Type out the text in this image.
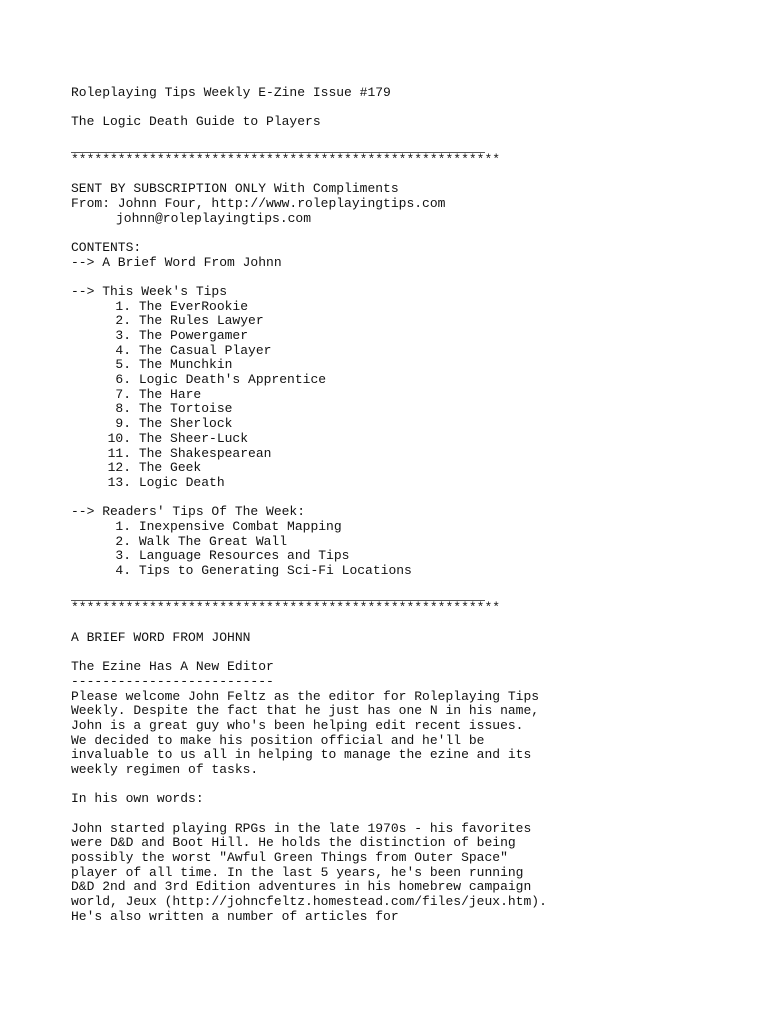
Roleplaying Tips Weekly E-Zine Issue #179
The Logic Death Guide to Players
*******************************************************
SENT BY SUBSCRIPTION ONLY With Compliments
From: Johnn Four, http://www.roleplayingtips.com
johnn@roleplayingtips.com
CONTENTS:
--> A Brief Word From Johnn
--> This Week's Tips
1. The EverRookie
2. The Rules Lawyer
3. The Powergamer
4. The Casual Player
5. The Munchkin
6. Logic Death's Apprentice
7. The Hare
8. The Tortoise
9. The Sherlock
10. The Sheer-Luck
11. The Shakespearean
12. The Geek
13. Logic Death
--> Readers' Tips Of The Week:
1. Inexpensive Combat Mapping
2. Walk The Great Wall
3. Language Resources and Tips
4. Tips to Generating Sci-Fi Locations
*******************************************************
A BRIEF WORD FROM JOHNN
The Ezine Has A New Editor
--------------------------
Please welcome John Feltz as the editor for Roleplaying Tips
Weekly. Despite the fact that he just has one N in his name,
John is a great guy who's been helping edit recent issues.
We decided to make his position official and he'll be
invaluable to us all in helping to manage the ezine and its
weekly regimen of tasks.
In his own words:
John started playing RPGs in the late 1970s - his favorites
were D&D and Boot Hill. He holds the distinction of being
possibly the worst "Awful Green Things from Outer Space"
player of all time. In the last 5 years, he's been running
D&D 2nd and 3rd Edition adventures in his homebrew campaign
world, Jeux (http://johncfeltz.homestead.com/files/jeux.htm).
He's also written a number of articles for
